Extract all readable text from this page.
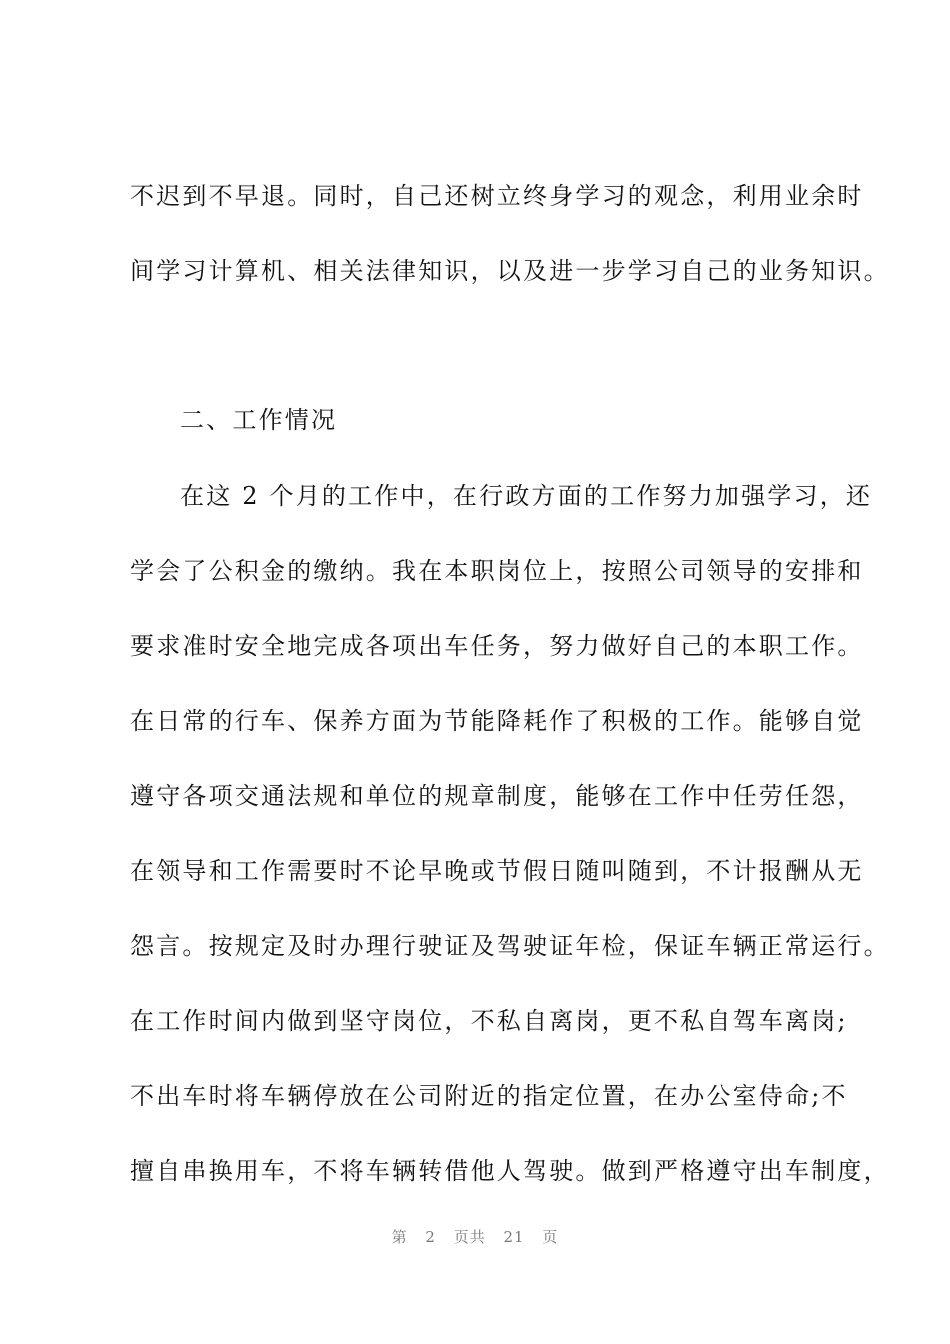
不迟到不早退。同时，自己还树立终身学习的观念，利用业余时
间学习计算机、相关法律知识，以及进一步学习自己的业务知识。
二、工作情况
在这 2 个月的工作中，在行政方面的工作努力加强学习，还
学会了公积金的缴纳。我在本职岗位上，按照公司领导的安排和
要求准时安全地完成各项出车任务，努力做好自己的本职工作。
在日常的行车、保养方面为节能降耗作了积极的工作。能够自觉
遵守各项交通法规和单位的规章制度，能够在工作中任劳任怨，
在领导和工作需要时不论早晚或节假日随叫随到，不计报酬从无
怨言。按规定及时办理行驶证及驾驶证年检，保证车辆正常运行。
在工作时间内做到坚守岗位，不私自离岗，更不私自驾车离岗;
不出车时将车辆停放在公司附近的指定位置，在办公室侍命;不
擅自串换用车，不将车辆转借他人驾驶。做到严格遵守出车制度，
第 2 页共 21 页
